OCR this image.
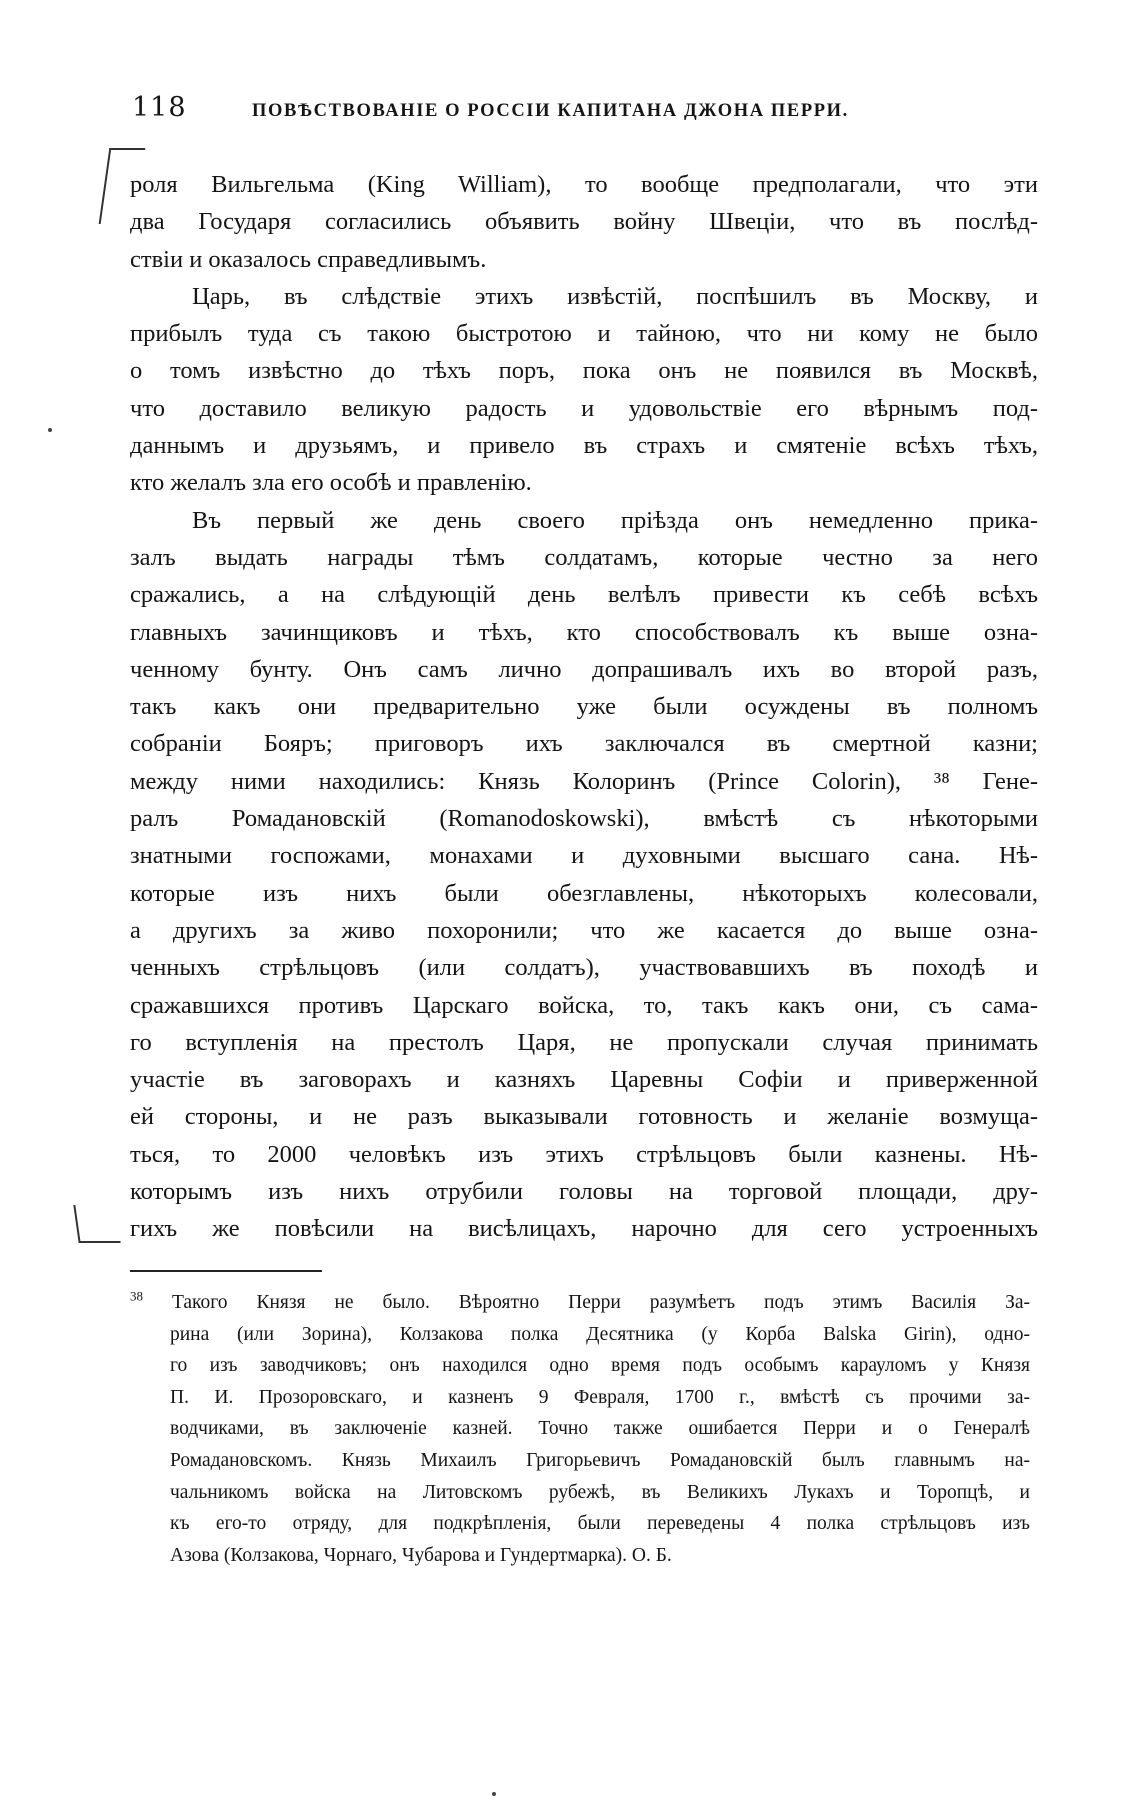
118	ПОВѢСТВОВАНІЕ О РОССІИ КАПИТАНА ДЖОНА ПЕРРИ.
роля Вильгельма (King William), то вообще предполагали, что эти
два Государя согласились объявить войну Швеціи, что въ послѣд-
ствіи и оказалось справедливымъ.
Царь, въ слѣдствіе этихъ извѣстій, поспѣшилъ въ Москву, и
прибылъ туда съ такою быстротою и тайною, что ни кому не было
о томъ извѣстно до тѣхъ поръ, пока онъ не появился въ Москвѣ,
что доставило великую радость и удовольствіе его вѣрнымъ под-
даннымъ и друзьямъ, и привело въ страхъ и смятеніе всѣхъ тѣхъ,
кто желалъ зла его особѣ и правленію.
Въ первый же день своего пріѣзда онъ немедленно прика-
залъ выдать награды тѣмъ солдатамъ, которые честно за него
сражались, а на слѣдующій день велѣлъ привести къ себѣ всѣхъ
главныхъ зачинщиковъ и тѣхъ, кто способствовалъ къ выше озна-
ченному бунту. Онъ самъ лично допрашивалъ ихъ во второй разъ,
такъ какъ они предварительно уже были осуждены въ полномъ
собраніи Бояръ; приговоръ ихъ заключался въ смертной казни;
между ними находились: Князь Колоринъ (Prince Colorin), ³⁸ Гене-
ралъ Ромадановскій (Romanodoskowski), вмѣстѣ съ нѣкоторыми
знатными госпожами, монахами и духовными высшаго сана. Нѣ-
которые изъ нихъ были обезглавлены, нѣкоторыхъ колесовали,
а другихъ за живо похоронили; что же касается до выше озна-
ченныхъ стрѣльцовъ (или солдатъ), участвовавшихъ въ походѣ и
сражавшихся противъ Царскаго войска, то, такъ какъ они, съ сама-
го вступленія на престолъ Царя, не пропускали случая принимать
участіе въ заговорахъ и казняхъ Царевны Софіи и приверженной
ей стороны, и не разъ выказывали готовность и желаніе возмуща-
ться, то 2000 человѣкъ изъ этихъ стрѣльцовъ были казнены. Нѣ-
которымъ изъ нихъ отрубили головы на торговой площади, дру-
гихъ же повѣсили на висѣлицахъ, нарочно для сего устроенныхъ
$^{38}$ Такого Князя не было. Вѣроятно Перри разумѣетъ подъ этимъ Василія За-
рина (или Зорина), Колзакова полка Десятника (у Корба Balska Girin), одно-
го изъ заводчиковъ; онъ находился одно время подъ особымъ карауломъ у Князя
П. И. Прозоровскаго, и казненъ 9 Февраля, 1700 г., вмѣстѣ съ прочими за-
водчиками, въ заключеніе казней. Точно также ошибается Перри и о Генералѣ
Ромадановскомъ. Князь Михаилъ Григорьевичъ Ромадановскій былъ главнымъ на-
чальникомъ войска на Литовскомъ рубежѣ, въ Великихъ Лукахъ и Торопцѣ, и
къ его-то отряду, для подкрѣпленія, были переведены 4 полка стрѣльцовъ изъ
Азова (Колзакова, Чорнаго, Чубарова и Гундертмарка). О. Б.
